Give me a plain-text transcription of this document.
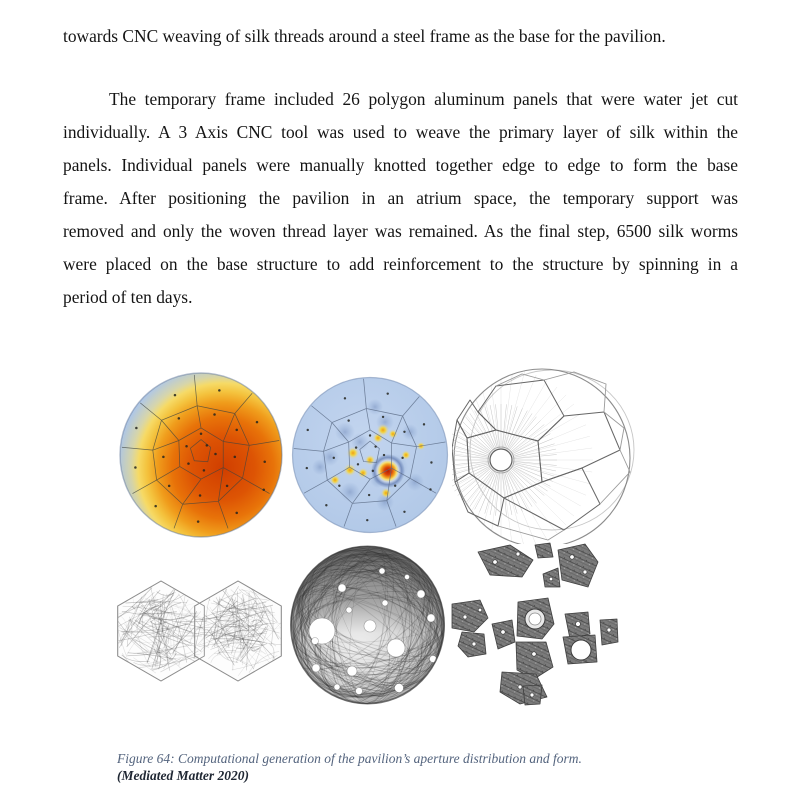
towards CNC weaving of silk threads around a steel frame as the base for the pavilion.
The temporary frame included 26 polygon aluminum panels that were water jet cut
individually. A 3 Axis CNC tool was used to weave the primary layer of silk within the
panels. Individual panels were manually knotted together edge to edge to form the base
frame. After positioning the pavilion in an atrium space, the temporary support was
removed and only the woven thread layer was remained. As the final step, 6500 silk worms
were placed on the base structure to add reinforcement to the structure by spinning in a
period of ten days.
Figure 64: Computational generation of the pavilion’s aperture distribution and form.
(Mediated Matter 2020)
